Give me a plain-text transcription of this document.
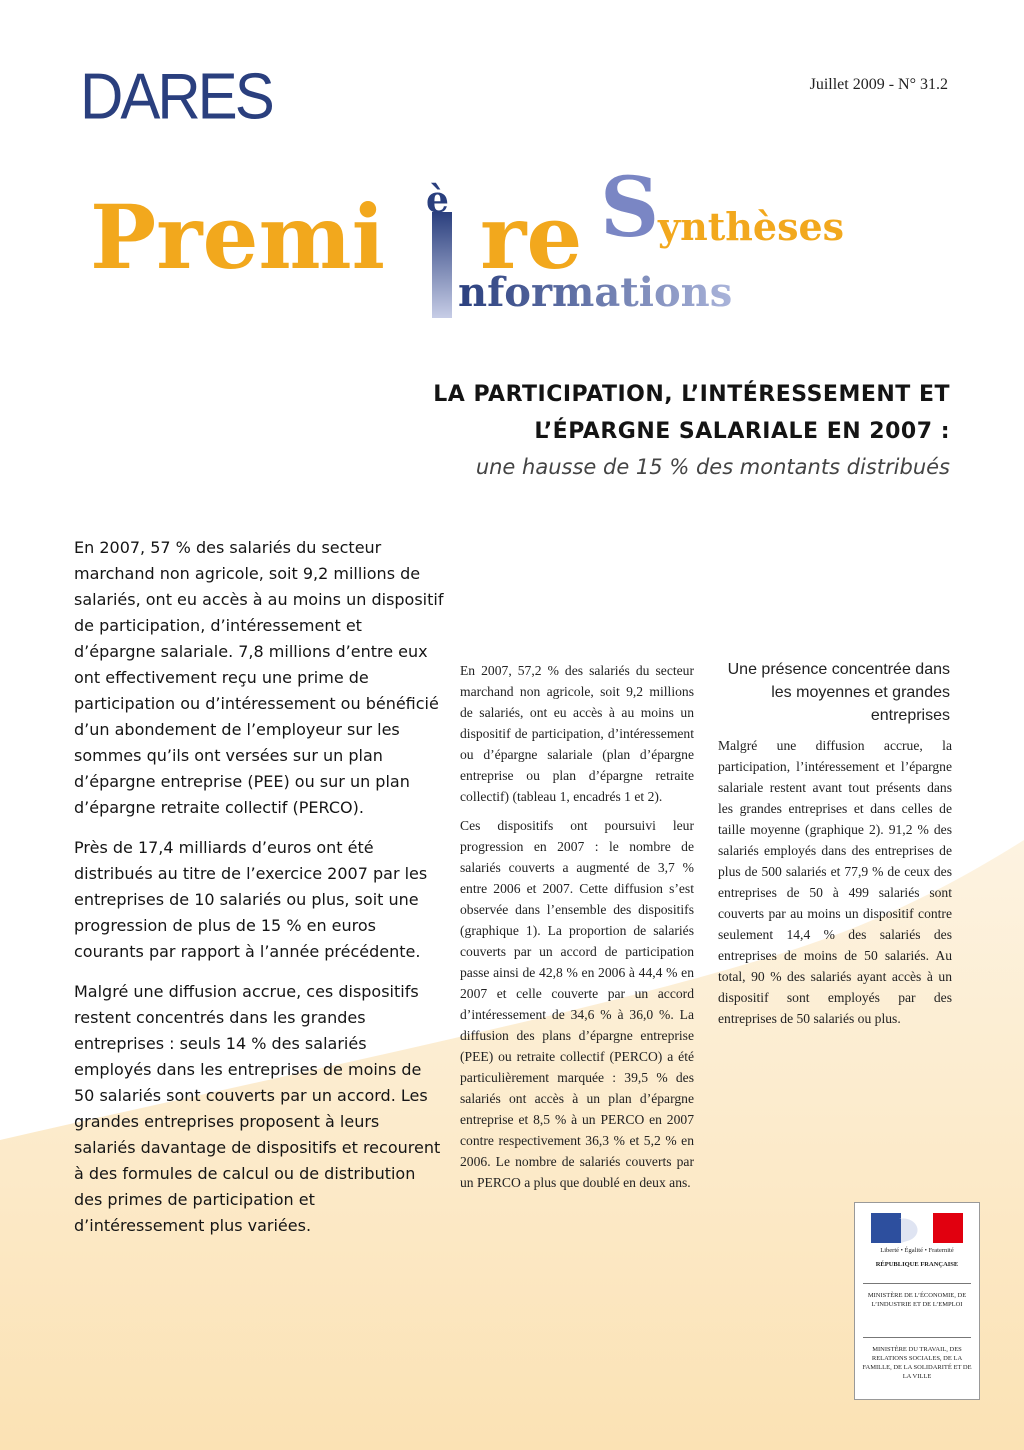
DARES	Juillet 2009 - N° 31.2
Premi re
è
nformations
S
ynthèses
LA PARTICIPATION, L’INTÉRESSEMENT ET
L’ÉPARGNE SALARIALE EN 2007 :
une hausse de 15 % des montants distribués

En 2007, 57 % des salariés du secteur marchand non agricole, soit 9,2 millions de salariés, ont eu accès à au moins un dispositif de participation, d’intéressement et d’épargne salariale. 7,8 millions d’entre eux ont effectivement reçu une prime de participation ou d’intéressement ou bénéficié d’un abondement de l’employeur sur les sommes qu’ils ont versées sur un plan d’épargne entreprise (PEE) ou sur un plan d’épargne retraite collectif (PERCO).

Près de 17,4 milliards d’euros ont été distribués au titre de l’exercice 2007 par les entreprises de 10 salariés ou plus, soit une progression de plus de 15 % en euros courants par rapport à l’année précédente.

Malgré une diffusion accrue, ces dispositifs restent concentrés dans les grandes entreprises : seuls 14 % des salariés employés dans les entreprises de moins de 50 salariés sont couverts par un accord. Les grandes entreprises proposent à leurs salariés davantage de dispositifs et recourent à des formules de calcul ou de distribution des primes de participation et d’intéressement plus variées.

En 2007, 57,2 % des salariés du secteur marchand non agricole, soit 9,2 millions de salariés, ont eu accès à au moins un dispositif de participation, d’intéressement ou d’épargne salariale (plan d’épargne entreprise ou plan d’épargne retraite collectif) (tableau 1, encadrés 1 et 2).

Ces dispositifs ont poursuivi leur progression en 2007 : le nombre de salariés couverts a augmenté de 3,7 % entre 2006 et 2007. Cette diffusion s’est observée dans l’ensemble des dispositifs (graphique 1). La proportion de salariés couverts par un accord de participation passe ainsi de 42,8 % en 2006 à 44,4 % en 2007 et celle couverte par un accord d’intéressement de 34,6 % à 36,0 %. La diffusion des plans d’épargne entreprise (PEE) ou retraite collectif (PERCO) a été particulièrement marquée : 39,5 % des salariés ont accès à un plan d’épargne entreprise et 8,5 % à un PERCO en 2007 contre respectivement 36,3 % et 5,2 % en 2006. Le nombre de salariés couverts par un PERCO a plus que doublé en deux ans.

Une présence concentrée dans les moyennes et grandes entreprises

Malgré une diffusion accrue, la participation, l’intéressement et l’épargne salariale restent avant tout présents dans les grandes entreprises et dans celles de taille moyenne (graphique 2). 91,2 % des salariés employés dans des entreprises de plus de 500 salariés et 77,9 % de ceux des entreprises de 50 à 499 salariés sont couverts par au moins un dispositif contre seulement 14,4 % des salariés des entreprises de moins de 50 salariés. Au total, 90 % des salariés ayant accès à un dispositif sont employés par des entreprises de 50 salariés ou plus.

Liberté • Égalité • Fraternité
RÉPUBLIQUE FRANÇAISE
MINISTÈRE DE L’ÉCONOMIE, DE L’INDUSTRIE ET DE L’EMPLOI
MINISTÈRE DU TRAVAIL, DES RELATIONS SOCIALES, DE LA FAMILLE, DE LA SOLIDARITÉ ET DE LA VILLE
